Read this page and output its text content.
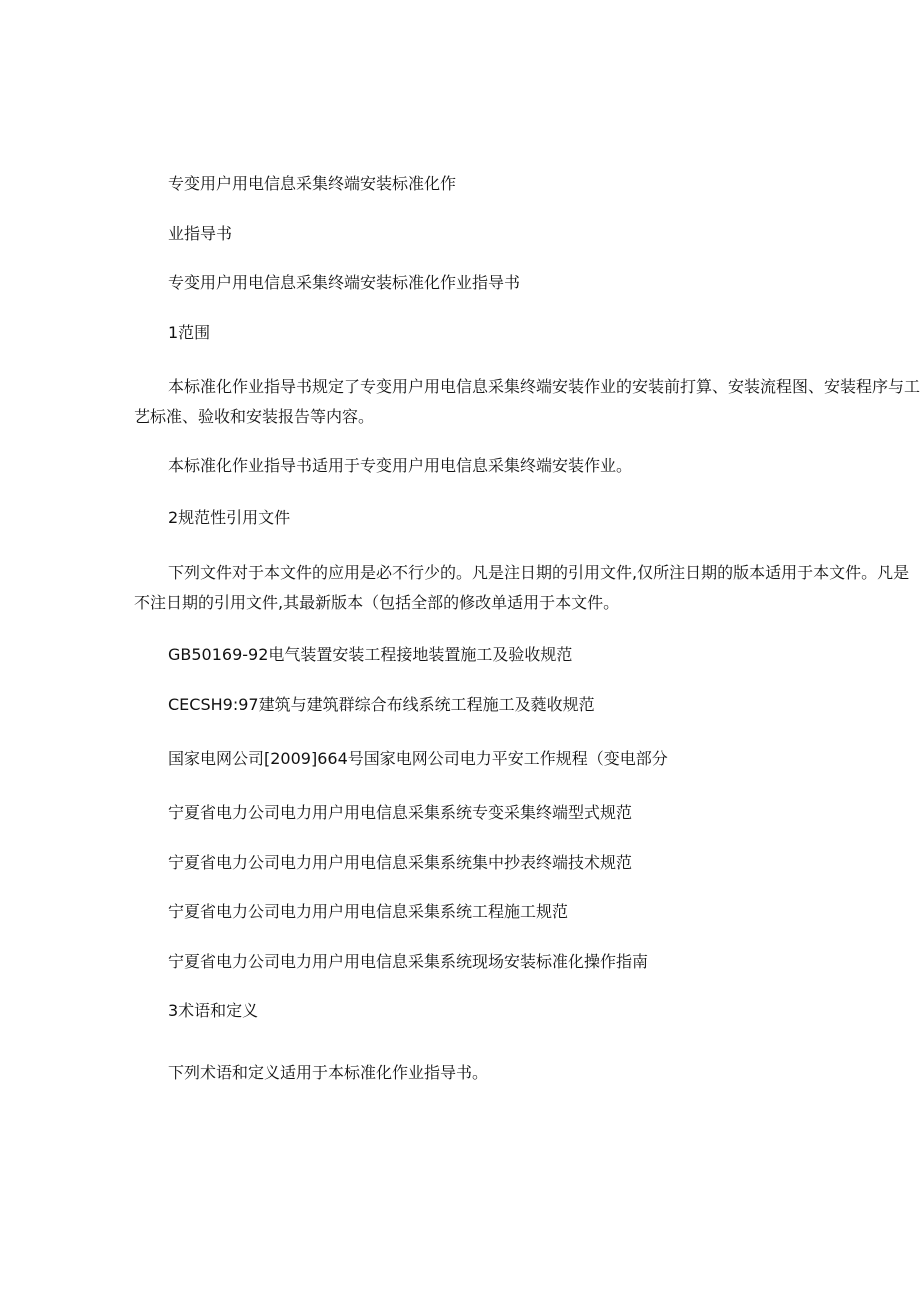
专变用户用电信息采集终端安装标准化作
业指导书
专变用户用电信息采集终端安装标准化作业指导书
1范围
本标准化作业指导书规定了专变用户用电信息采集终端安装作业的安装前打算、安装流程图、安装程序与工艺标准、验收和安装报告等内容。
本标准化作业指导书适用于专变用户用电信息采集终端安装作业。
2规范性引用文件
下列文件对于本文件的应用是必不行少的。凡是注日期的引用文件,仅所注日期的版本适用于本文件。凡是不注日期的引用文件,其最新版本（包括全部的修改单适用于本文件。
GB50169-92电气装置安装工程接地装置施工及验收规范
CECSH9:97建筑与建筑群综合布线系统工程施工及蕤收规范
国家电网公司[2009]664号国家电网公司电力平安工作规程（变电部分
宁夏省电力公司电力用户用电信息采集系统专变采集终端型式规范
宁夏省电力公司电力用户用电信息采集系统集中抄表终端技术规范
宁夏省电力公司电力用户用电信息采集系统工程施工规范
宁夏省电力公司电力用户用电信息采集系统现场安装标准化操作指南
3术语和定义
下列术语和定义适用于本标准化作业指导书。
